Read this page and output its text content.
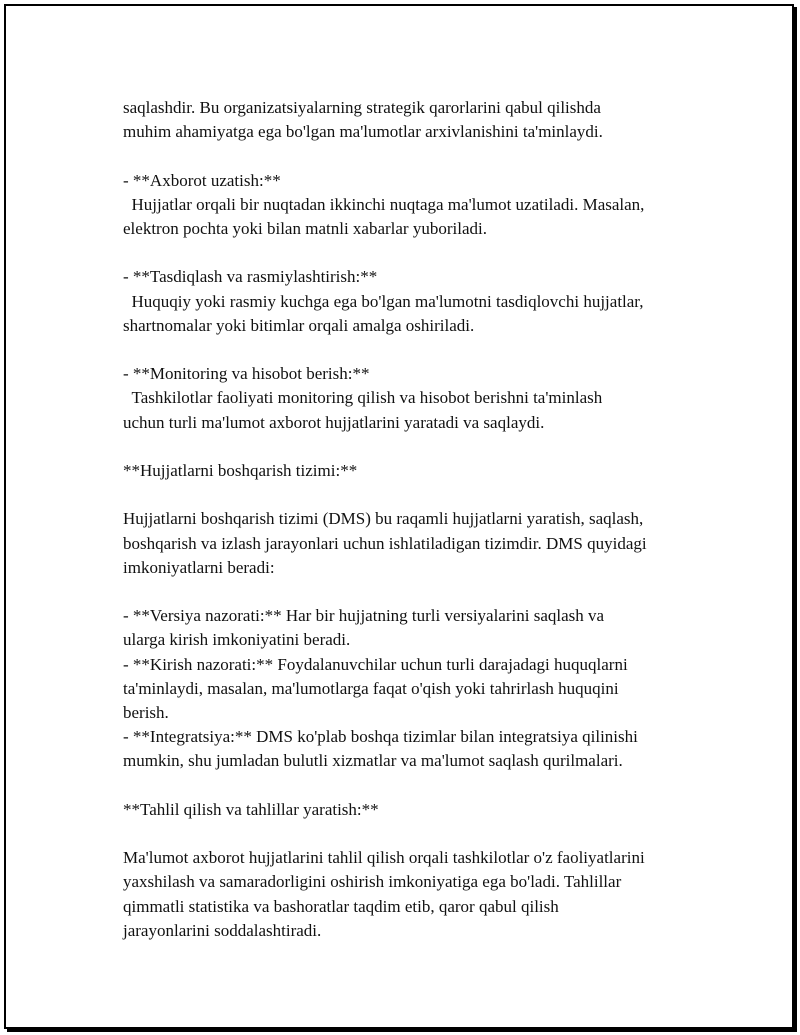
saqlashdir. Bu organizatsiyalarning strategik qarorlarini qabul qilishda
muhim ahamiyatga ega bo'lgan ma'lumotlar arxivlanishini ta'minlaydi.

- **Axborot uzatish:**
Hujjatlar orqali bir nuqtadan ikkinchi nuqtaga ma'lumot uzatiladi. Masalan,
elektron pochta yoki bilan matnli xabarlar yuboriladi.

- **Tasdiqlash va rasmiylashtirish:**
Huquqiy yoki rasmiy kuchga ega bo'lgan ma'lumotni tasdiqlovchi hujjatlar,
shartnomalar yoki bitimlar orqali amalga oshiriladi.

- **Monitoring va hisobot berish:**
Tashkilotlar faoliyati monitoring qilish va hisobot berishni ta'minlash
uchun turli ma'lumot axborot hujjatlarini yaratadi va saqlaydi.

**Hujjatlarni boshqarish tizimi:**

Hujjatlarni boshqarish tizimi (DMS) bu raqamli hujjatlarni yaratish, saqlash,
boshqarish va izlash jarayonlari uchun ishlatiladigan tizimdir. DMS quyidagi
imkoniyatlarni beradi:

- **Versiya nazorati:** Har bir hujjatning turli versiyalarini saqlash va
ularga kirish imkoniyatini beradi.
- **Kirish nazorati:** Foydalanuvchilar uchun turli darajadagi huquqlarni
ta'minlaydi, masalan, ma'lumotlarga faqat o'qish yoki tahrirlash huquqini
berish.
- **Integratsiya:** DMS ko'plab boshqa tizimlar bilan integratsiya qilinishi
mumkin, shu jumladan bulutli xizmatlar va ma'lumot saqlash qurilmalari.

**Tahlil qilish va tahlillar yaratish:**

Ma'lumot axborot hujjatlarini tahlil qilish orqali tashkilotlar o'z faoliyatlarini
yaxshilash va samaradorligini oshirish imkoniyatiga ega bo'ladi. Tahlillar
qimmatli statistika va bashoratlar taqdim etib, qaror qabul qilish
jarayonlarini soddalashtiradi.
